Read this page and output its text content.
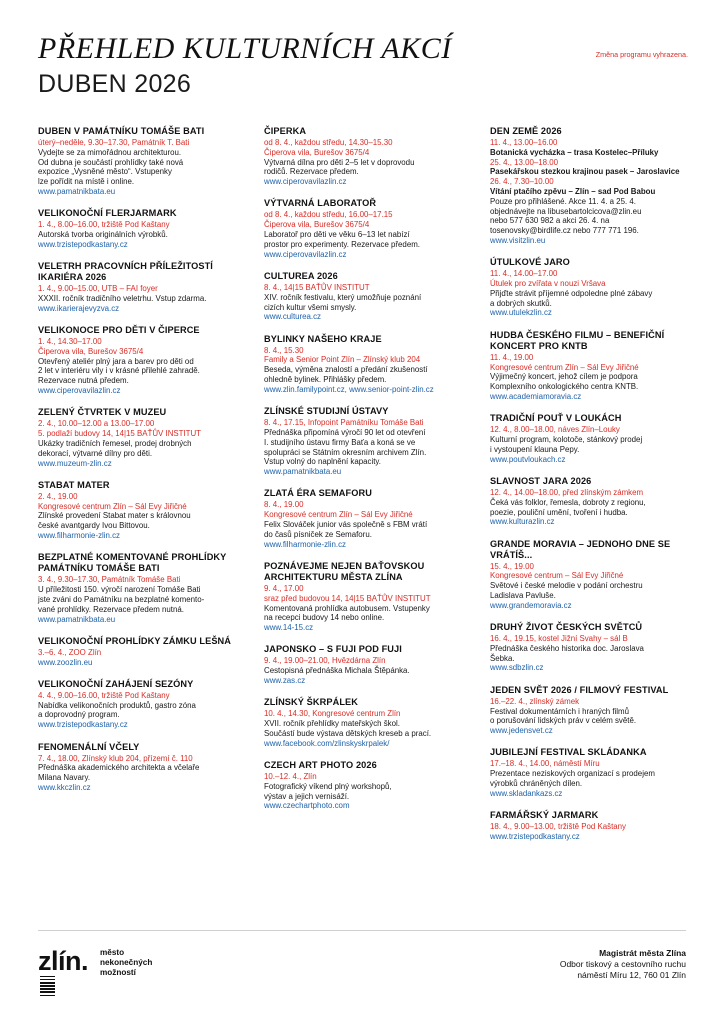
PŘEHLED KULTURNÍCH AKCÍ
DUBEN 2026
Změna programu vyhrazena.
DUBEN V PAMÁTNÍKU TOMÁŠE BATI
úterý–neděle, 9.30–17.30, Památník T. Bati
Vydejte se za mimořádnou architekturou.
Od dubna je součástí prohlídky také nová
expozice „Vysněné město“. Vstupenky
lze pořídit na místě i online.
www.pamatnikbata.eu
VELIKONOČNÍ FLERJARMARK
1. 4., 8.00–16.00, tržiště Pod Kaštany
Autorská tvorba originálních výrobků.
www.trzistepodkastany.cz
VELETRH PRACOVNÍCH PŘÍLEŽITOSTÍ IKARIÉRA 2026
1. 4., 9.00–15.00, UTB – FAI foyer
XXXII. ročník tradičního veletrhu. Vstup zdarma.
www.ikarierajevyzva.cz
VELIKONOCE PRO DĚTI V ČIPERCE
1. 4., 14.30–17.00
Čiperova vila, Burešov 3675/4
Otevřený ateliér plný jara a barev pro děti od
2 let v interiéru vily i v krásné přilehlé zahradě.
Rezervace nutná předem.
www.ciperovavilazlin.cz
ZELENÝ ČTVRTEK V MUZEU
2. 4., 10.00–12.00 a 13.00–17.00
5. podlaží budovy 14, 14|15 BAŤŮV INSTITUT
Ukázky tradičních řemesel, prodej drobných
dekorací, výtvarné dílny pro děti.
www.muzeum-zlin.cz
STABAT MATER
2. 4., 19.00
Kongresové centrum Zlín – Sál Evy Jiřičné
Zlínské provedení Stabat mater s královnou
české avantgardy Ivou Bittovou.
www.filharmonie-zlin.cz
BEZPLATNÉ KOMENTOVANÉ PROHLÍDKY PAMÁTNÍKU TOMÁŠE BATI
3. 4., 9.30–17.30, Památník Tomáše Bati
U příležitosti 150. výročí narození Tomáše Bati
jste zváni do Památníku na bezplatné komento-
vané prohlídky. Rezervace předem nutná.
www.pamatnikbata.eu
VELIKONOČNÍ PROHLÍDKY ZÁMKU LEŠNÁ
3.–6. 4., ZOO Zlín
www.zoozlin.eu
VELIKONOČNÍ ZAHÁJENÍ SEZÓNY
4. 4., 9.00–16.00, tržiště Pod Kaštany
Nabídka velikonočních produktů, gastro zóna
a doprovodný program.
www.trzistepodkastany.cz
FENOMENÁLNÍ VČELY
7. 4., 18.00, Zlínský klub 204, přízemí č. 110
Přednáška akademického architekta a včelaře
Milana Navary.
www.kkczlin.cz
ČIPERKA
od 8. 4., každou středu, 14.30–15.30
Čiperova vila, Burešov 3675/4
Výtvarná dílna pro děti 2–5 let v doprovodu
rodičů. Rezervace předem.
www.ciperovavilazlin.cz
VÝTVARNÁ LABORATOŘ
od 8. 4., každou středu, 16.00–17.15
Čiperova vila, Burešov 3675/4
Laboratoř pro děti ve věku 6–13 let nabízí
prostor pro experimenty. Rezervace předem.
www.ciperovavilazlin.cz
CULTUREA 2026
8. 4., 14|15 BAŤŮV INSTITUT
XIV. ročník festivalu, který umožňuje poznání
cizích kultur všemi smysly.
www.culturea.cz
BYLINKY NAŠEHO KRAJE
8. 4., 15.30
Family a Senior Point Zlín – Zlínský klub 204
Beseda, výměna znalostí a předání zkušeností
ohledně bylinek. Přihlášky předem.
www.zlin.familypoint.cz, www.senior-point-zlin.cz
ZLÍNSKÉ STUDIJNÍ ÚSTAVY
8. 4., 17.15, Infopoint Památníku Tomáše Bati
Přednáška připomíná výročí 90 let od otevření
I. studijního ústavu firmy Baťa a koná se ve
spolupráci se Státním okresním archivem Zlín.
Vstup volný do naplnění kapacity.
www.pamatnikbata.eu
ZLATÁ ÉRA SEMAFORU
8. 4., 19.00
Kongresové centrum Zlín – Sál Evy Jiřičné
Felix Slováček junior vás společně s FBM vrátí
do časů písniček ze Semaforu.
www.filharmonie-zlin.cz
POZNÁVEJME NEJEN BAŤOVSKOU ARCHITEKTURU MĚSTA ZLÍNA
9. 4., 17.00
sraz před budovou 14, 14|15 BAŤŮV INSTITUT
Komentovaná prohlídka autobusem. Vstupenky
na recepci budovy 14 nebo online.
www.14-15.cz
JAPONSKO – S FUJI POD FUJI
9. 4., 19.00–21.00, Hvězdárna Zlín
Cestopisná přednáška Michala Štěpánka.
www.zas.cz
ZLÍNSKÝ ŠKRPÁLEK
10. 4., 14.30, Kongresové centrum Zlín
XVII. ročník přehlídky mateřských škol.
Součástí bude výstava dětských kreseb a prací.
www.facebook.com/zlinskyskrpalek/
CZECH ART PHOTO 2026
10.–12. 4., Zlín
Fotografický víkend plný workshopů,
výstav a jejich vernisáží.
www.czechartphoto.com
DEN ZEMĚ 2026
11. 4., 13.00–16.00
Botanická vycházka – trasa Kostelec–Příluky
25. 4., 13.00–18.00
Pasekářskou stezkou krajinou pasek – Jaroslavice
26. 4., 7.30–10.00
Vítání ptačího zpěvu – Zlín – sad Pod Babou
Pouze pro přihlášené. Akce 11. 4. a 25. 4.
objednávejte na libusebartolcicova@zlin.eu
nebo 577 630 982 a akci 26. 4. na
tosenovsky@birdlife.cz nebo 777 771 196.
www.visitzlin.eu
ÚTULKOVÉ JARO
11. 4., 14.00–17.00
Útulek pro zvířata v nouzi Vršava
Přijďte strávit příjemné odpoledne plné zábavy
a dobrých skutků.
www.utulekzlin.cz
HUDBA ČESKÉHO FILMU – BENEFIČNÍ KONCERT PRO KNTB
11. 4., 19.00
Kongresové centrum Zlín – Sál Evy Jiřičné
Výjimečný koncert, jehož cílem je podpora
Komplexního onkologického centra KNTB.
www.academiamoravia.cz
TRADIČNÍ POUŤ V LOUKÁCH
12. 4., 8.00–18.00, náves Zlín–Louky
Kulturní program, kolotoče, stánkový prodej
i vystoupení klauna Pepy.
www.poutvloukach.cz
SLAVNOST JARA 2026
12. 4., 14.00–18.00, před zlínským zámkem
Čeká vás folklor, řemesla, dobroty z regionu,
poezie, pouliční umění, tvoření i hudba.
www.kulturazlin.cz
GRANDE MORAVIA – JEDNOHO DNE SE VRÁTÍŠ...
15. 4., 19.00
Kongresové centrum – Sál Evy Jiřičné
Světové i české melodie v podání orchestru
Ladislava Pavluše.
www.grandemoravia.cz
DRUHÝ ŽIVOT ČESKÝCH SVĚTCŮ
16. 4., 19.15, kostel Jižní Svahy – sál B
Přednáška českého historika doc. Jaroslava
Šebka.
www.sdbzlin.cz
JEDEN SVĚT 2026 / FILMOVÝ FESTIVAL
16.–22. 4., zlínský zámek
Festival dokumentárních i hraných filmů
o porušování lidských práv v celém světě.
www.jedensvet.cz
JUBILEJNÍ FESTIVAL SKLÁDANKA
17.–18. 4., 14.00, náměstí Míru
Prezentace neziskových organizací s prodejem
výrobků chráněných dílen.
www.skladankazs.cz
FARMÁŘSKÝ JARMARK
18. 4., 9.00–13.00, tržiště Pod Kaštany
www.trzistepodkastany.cz
zlín.	město
nekonečných
možností
Magistrát města Zlína
Odbor tiskový a cestovního ruchu
náměstí Míru 12, 760 01 Zlín
